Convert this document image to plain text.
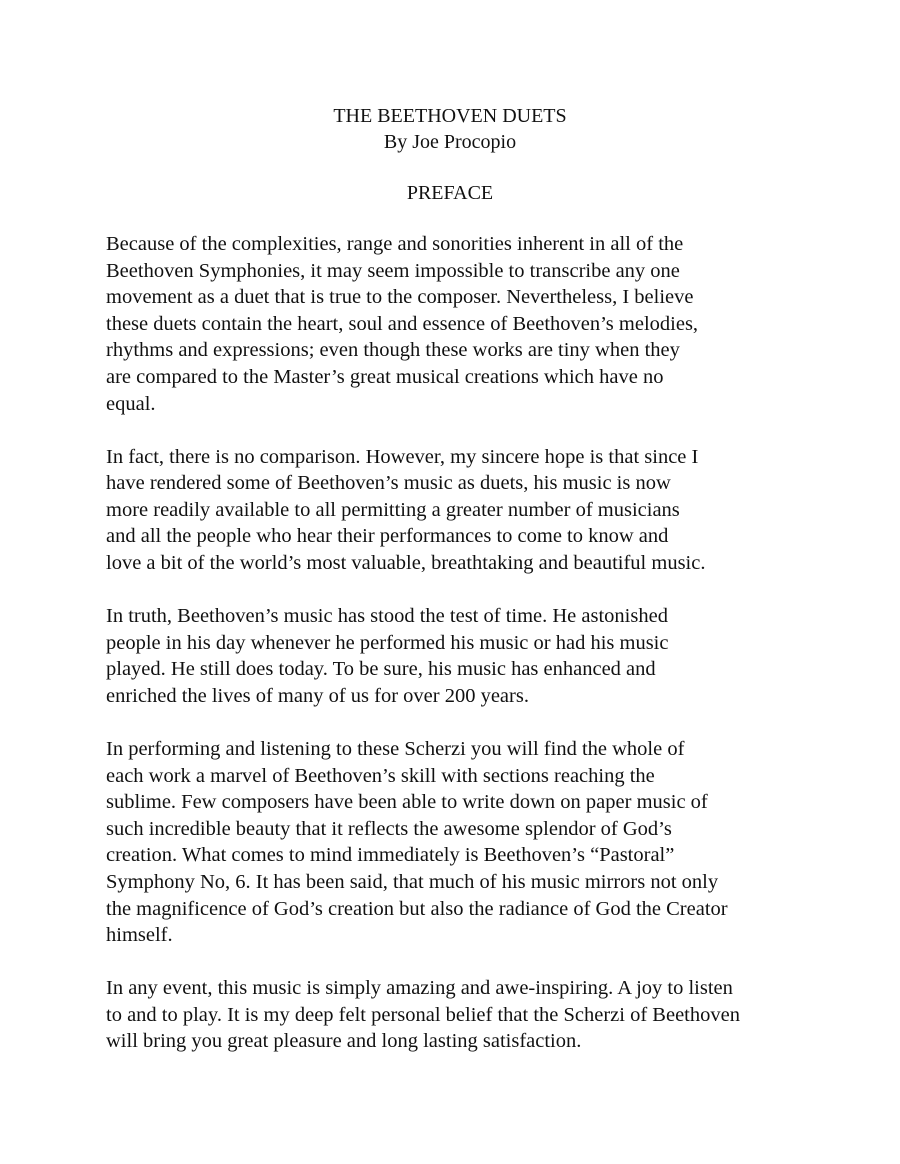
THE BEETHOVEN DUETS
By Joe Procopio
PREFACE

Because of the complexities, range and sonorities inherent in all of the
Beethoven Symphonies, it may seem impossible to transcribe any one
movement as a duet that is true to the composer. Nevertheless, I believe
these duets contain the heart, soul and essence of Beethoven’s melodies,
rhythms and expressions; even though these works are tiny when they
are compared to the Master’s great musical creations which have no
equal.

In fact, there is no comparison. However, my sincere hope is that since I
have rendered some of Beethoven’s music as duets, his music is now
more readily available to all permitting a greater number of musicians
and all the people who hear their performances to come to know and
love a bit of the world’s most valuable, breathtaking and beautiful music.

In truth, Beethoven’s music has stood the test of time. He astonished
people in his day whenever he performed his music or had his music
played. He still does today. To be sure, his music has enhanced and
enriched the lives of many of us for over 200 years.

In performing and listening to these Scherzi you will find the whole of
each work a marvel of Beethoven’s skill with sections reaching the
sublime. Few composers have been able to write down on paper music of
such incredible beauty that it reflects the awesome splendor of God’s
creation. What comes to mind immediately is Beethoven’s “Pastoral”
Symphony No, 6. It has been said, that much of his music mirrors not only
the magnificence of God’s creation but also the radiance of God the Creator
himself.

In any event, this music is simply amazing and awe-inspiring. A joy to listen
to and to play. It is my deep felt personal belief that the Scherzi of Beethoven
will bring you great pleasure and long lasting satisfaction.
